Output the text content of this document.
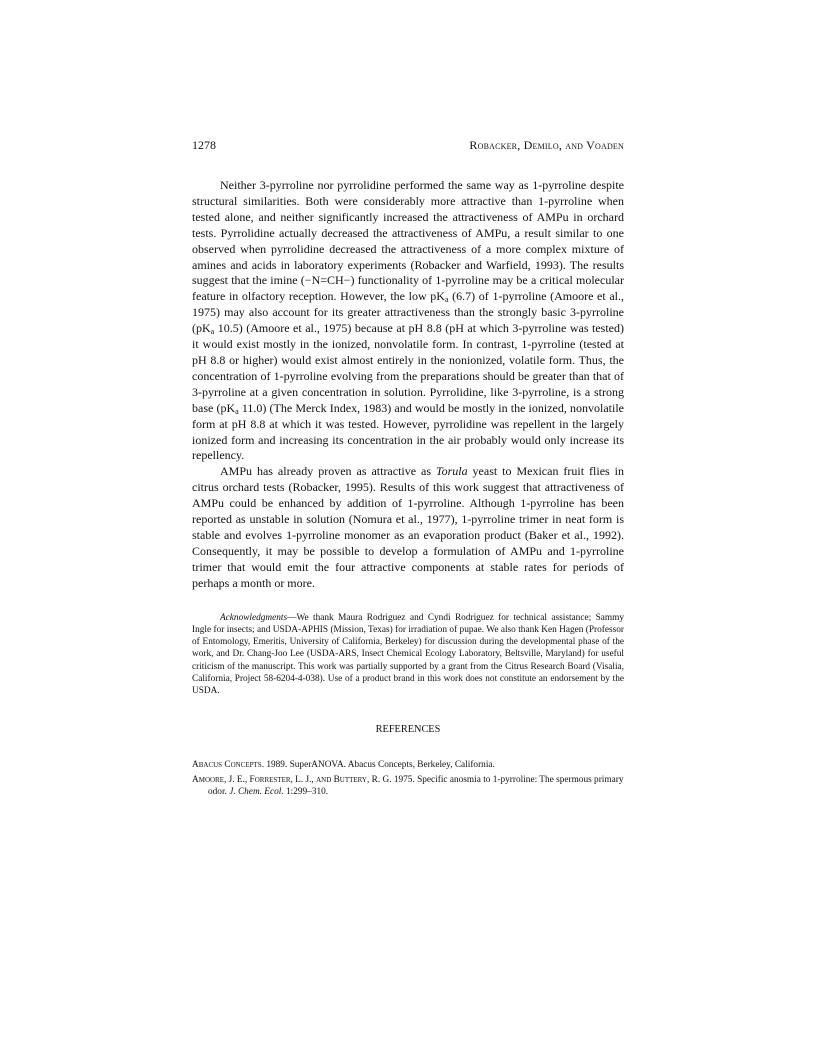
1278	Robacker, Demilo, and Voaden

Neither 3-pyrroline nor pyrrolidine performed the same way as 1-pyrroline despite structural similarities. Both were considerably more attractive than 1-pyrroline when tested alone, and neither significantly increased the attractiveness of AMPu in orchard tests. Pyrrolidine actually decreased the attractiveness of AMPu, a result similar to one observed when pyrrolidine decreased the attractiveness of a more complex mixture of amines and acids in laboratory experiments (Robacker and Warfield, 1993). The results suggest that the imine (−N=CH−) functionality of 1-pyrroline may be a critical molecular feature in olfactory reception. However, the low $pK_a$ (6.7) of 1-pyrroline (Amoore et al., 1975) may also account for its greater attractiveness than the strongly basic 3-pyrroline ($pK_a$ 10.5) (Amoore et al., 1975) because at pH 8.8 (pH at which 3-pyrroline was tested) it would exist mostly in the ionized, nonvolatile form. In contrast, 1-pyrroline (tested at pH 8.8 or higher) would exist almost entirely in the nonionized, volatile form. Thus, the concentration of 1-pyrroline evolving from the preparations should be greater than that of 3-pyrroline at a given concentration in solution. Pyrrolidine, like 3-pyrroline, is a strong base ($pK_a$ 11.0) (The Merck Index, 1983) and would be mostly in the ionized, nonvolatile form at pH 8.8 at which it was tested. However, pyrrolidine was repellent in the largely ionized form and increasing its concentration in the air probably would only increase its repellency.

AMPu has already proven as attractive as Torula yeast to Mexican fruit flies in citrus orchard tests (Robacker, 1995). Results of this work suggest that attractiveness of AMPu could be enhanced by addition of 1-pyrroline. Although 1-pyrroline has been reported as unstable in solution (Nomura et al., 1977), 1-pyrroline trimer in neat form is stable and evolves 1-pyrroline monomer as an evaporation product (Baker et al., 1992). Consequently, it may be possible to develop a formulation of AMPu and 1-pyrroline trimer that would emit the four attractive components at stable rates for periods of perhaps a month or more.

Acknowledgments—We thank Maura Rodriguez and Cyndi Rodriguez for technical assistance; Sammy Ingle for insects; and USDA-APHIS (Mission, Texas) for irradiation of pupae. We also thank Ken Hagen (Professor of Entomology, Emeritis, University of California, Berkeley) for discussion during the developmental phase of the work, and Dr. Chang-Joo Lee (USDA-ARS, Insect Chemical Ecology Laboratory, Beltsville, Maryland) for useful criticism of the manuscript. This work was partially supported by a grant from the Citrus Research Board (Visalia, California, Project 58-6204-4-038). Use of a product brand in this work does not constitute an endorsement by the USDA.

REFERENCES

Abacus Concepts. 1989. SuperANOVA. Abacus Concepts, Berkeley, California.

Amoore, J. E., Forrester, L. J., and Buttery, R. G. 1975. Specific anosmia to 1-pyrroline: The spermous primary odor. J. Chem. Ecol. 1:299–310.
